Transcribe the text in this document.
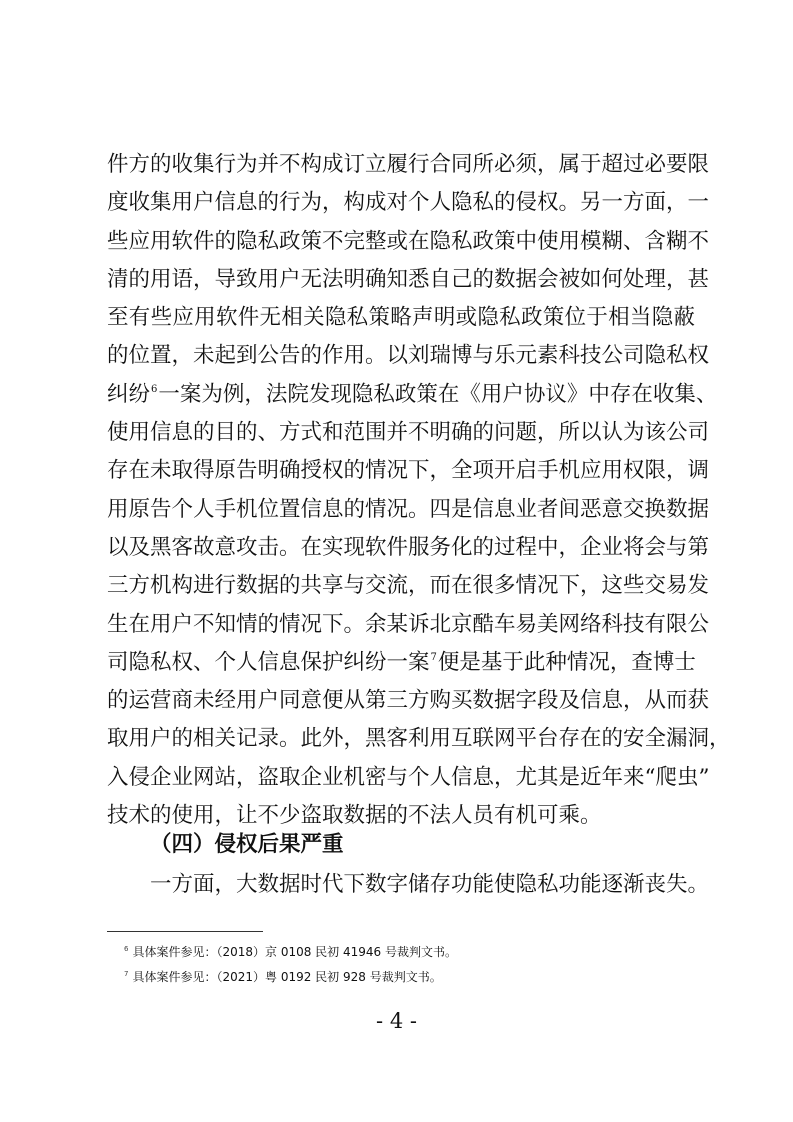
件方的收集行为并不构成订立履行合同所必须，属于超过必要限
度收集用户信息的行为，构成对个人隐私的侵权。另一方面，一
些应用软件的隐私政策不完整或在隐私政策中使用模糊、含糊不
清的用语，导致用户无法明确知悉自己的数据会被如何处理，甚
至有些应用软件无相关隐私策略声明或隐私政策位于相当隐蔽
的位置，未起到公告的作用。以刘瑞博与乐元素科技公司隐私权
纠纷$^6$一案为例，法院发现隐私政策在《用户协议》中存在收集、
使用信息的目的、方式和范围并不明确的问题，所以认为该公司
存在未取得原告明确授权的情况下，全项开启手机应用权限，调
用原告个人手机位置信息的情况。四是信息业者间恶意交换数据
以及黑客故意攻击。在实现软件服务化的过程中，企业将会与第
三方机构进行数据的共享与交流，而在很多情况下，这些交易发
生在用户不知情的情况下。余某诉北京酷车易美网络科技有限公
司隐私权、个人信息保护纠纷一案$^7$便是基于此种情况，查博士
的运营商未经用户同意便从第三方购买数据字段及信息，从而获
取用户的相关记录。此外，黑客利用互联网平台存在的安全漏洞，
入侵企业网站，盗取企业机密与个人信息，尤其是近年来“爬虫”
技术的使用，让不少盗取数据的不法人员有机可乘。
（四）侵权后果严重
一方面，大数据时代下数字储存功能使隐私功能逐渐丧失。
$^6$ 具体案件参见：（2018）京 0108 民初 41946 号裁判文书。
$^7$ 具体案件参见：（2021）粤 0192 民初 928 号裁判文书。
- 4 -
